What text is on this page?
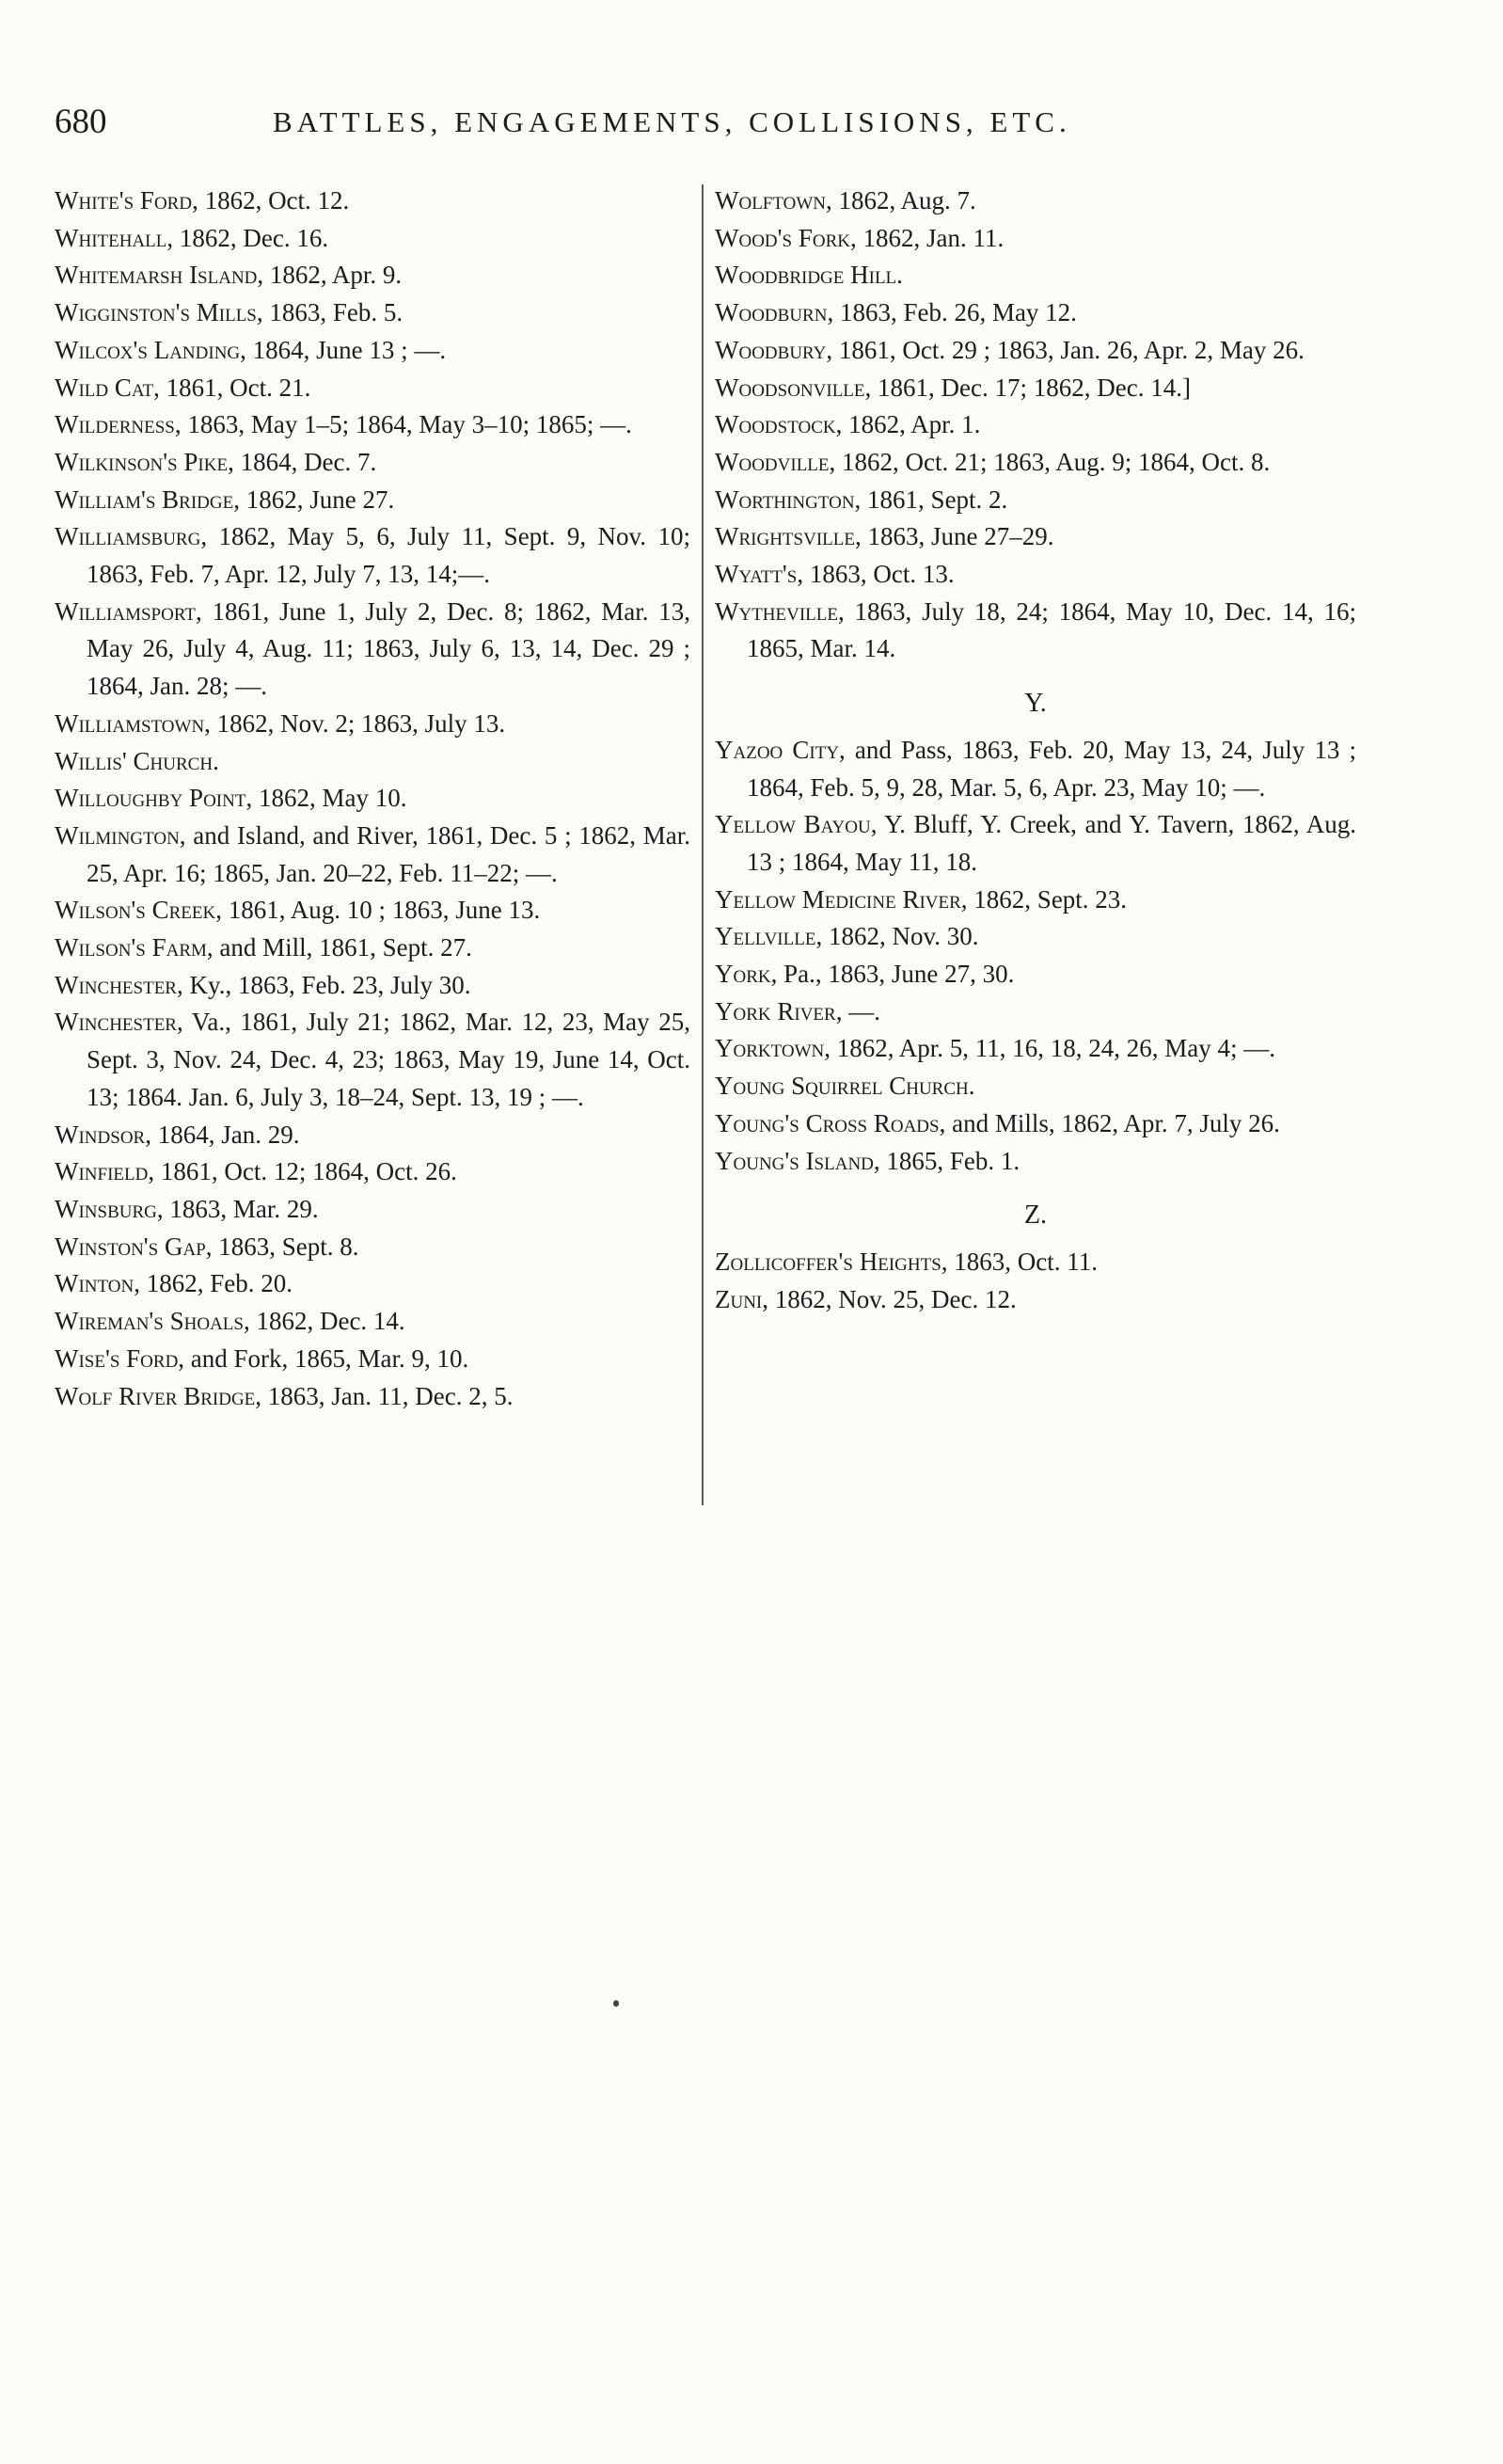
680	BATTLES, ENGAGEMENTS, COLLISIONS, ETC.

White's Ford, 1862, Oct. 12.

Whitehall, 1862, Dec. 16.

Whitemarsh Island, 1862, Apr. 9.

Wigginston's Mills, 1863, Feb. 5.

Wilcox's Landing, 1864, June 13 ; —.

Wild Cat, 1861, Oct. 21.

Wilderness, 1863, May 1–5; 1864, May 3–10; 1865; —.

Wilkinson's Pike, 1864, Dec. 7.

William's Bridge, 1862, June 27.

Williamsburg, 1862, May 5, 6, July 11, Sept. 9, Nov. 10; 1863, Feb. 7, Apr. 12, July 7, 13, 14;—.

Williamsport, 1861, June 1, July 2, Dec. 8; 1862, Mar. 13, May 26, July 4, Aug. 11; 1863, July 6, 13, 14, Dec. 29 ; 1864, Jan. 28; —.

Williamstown, 1862, Nov. 2; 1863, July 13.

Willis' Church.

Willoughby Point, 1862, May 10.

Wilmington, and Island, and River, 1861, Dec. 5 ; 1862, Mar. 25, Apr. 16; 1865, Jan. 20–22, Feb. 11–22; —.

Wilson's Creek, 1861, Aug. 10 ; 1863, June 13.

Wilson's Farm, and Mill, 1861, Sept. 27.

Winchester, Ky., 1863, Feb. 23, July 30.

Winchester, Va., 1861, July 21; 1862, Mar. 12, 23, May 25, Sept. 3, Nov. 24, Dec. 4, 23; 1863, May 19, June 14, Oct. 13; 1864. Jan. 6, July 3, 18–24, Sept. 13, 19 ; —.

Windsor, 1864, Jan. 29.

Winfield, 1861, Oct. 12; 1864, Oct. 26.

Winsburg, 1863, Mar. 29.

Winston's Gap, 1863, Sept. 8.

Winton, 1862, Feb. 20.

Wireman's Shoals, 1862, Dec. 14.

Wise's Ford, and Fork, 1865, Mar. 9, 10.

Wolf River Bridge, 1863, Jan. 11, Dec. 2, 5.

Wolftown, 1862, Aug. 7.

Wood's Fork, 1862, Jan. 11.

Woodbridge Hill.

Woodburn, 1863, Feb. 26, May 12.

Woodbury, 1861, Oct. 29 ; 1863, Jan. 26, Apr. 2, May 26.

Woodsonville, 1861, Dec. 17; 1862, Dec. 14.]

Woodstock, 1862, Apr. 1.

Woodville, 1862, Oct. 21; 1863, Aug. 9; 1864, Oct. 8.

Worthington, 1861, Sept. 2.

Wrightsville, 1863, June 27–29.

Wyatt's, 1863, Oct. 13.

Wytheville, 1863, July 18, 24; 1864, May 10, Dec. 14, 16; 1865, Mar. 14.

Y.

Yazoo City, and Pass, 1863, Feb. 20, May 13, 24, July 13 ; 1864, Feb. 5, 9, 28, Mar. 5, 6, Apr. 23, May 10; —.

Yellow Bayou, Y. Bluff, Y. Creek, and Y. Tavern, 1862, Aug. 13 ; 1864, May 11, 18.

Yellow Medicine River, 1862, Sept. 23.

Yellville, 1862, Nov. 30.

York, Pa., 1863, June 27, 30.

York River, —.

Yorktown, 1862, Apr. 5, 11, 16, 18, 24, 26, May 4; —.

Young Squirrel Church.

Young's Cross Roads, and Mills, 1862, Apr. 7, July 26.

Young's Island, 1865, Feb. 1.

Z.

Zollicoffer's Heights, 1863, Oct. 11.

Zuni, 1862, Nov. 25, Dec. 12.
